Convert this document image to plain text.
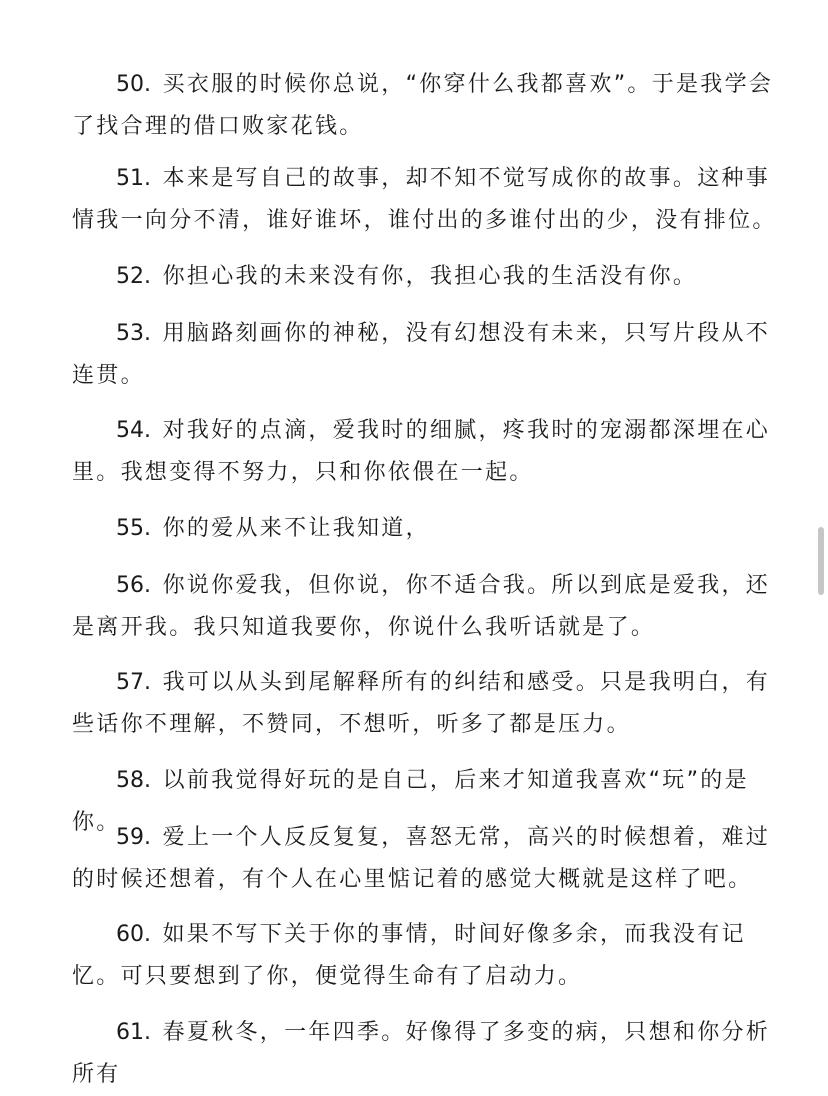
50. 买衣服的时候你总说，“你穿什么我都喜欢”。于是我学会了找合理的借口败家花钱。

51. 本来是写自己的故事，却不知不觉写成你的故事。这种事情我一向分不清，谁好谁坏，谁付出的多谁付出的少，没有排位。

52. 你担心我的未来没有你，我担心我的生活没有你。

53. 用脑路刻画你的神秘，没有幻想没有未来，只写片段从不连贯。

54. 对我好的点滴，爱我时的细腻，疼我时的宠溺都深埋在心里。我想变得不努力，只和你依偎在一起。

55. 你的爱从来不让我知道，

56. 你说你爱我，但你说，你不适合我。所以到底是爱我，还是离开我。我只知道我要你，你说什么我听话就是了。

57. 我可以从头到尾解释所有的纠结和感受。只是我明白，有些话你不理解，不赞同，不想听，听多了都是压力。

58. 以前我觉得好玩的是自己，后来才知道我喜欢“玩”的是你。

59. 爱上一个人反反复复，喜怒无常，高兴的时候想着，难过的时候还想着，有个人在心里惦记着的感觉大概就是这样了吧。

60. 如果不写下关于你的事情，时间好像多余，而我没有记忆。可只要想到了你，便觉得生命有了启动力。

61. 春夏秋冬，一年四季。好像得了多变的病，只想和你分析所有
